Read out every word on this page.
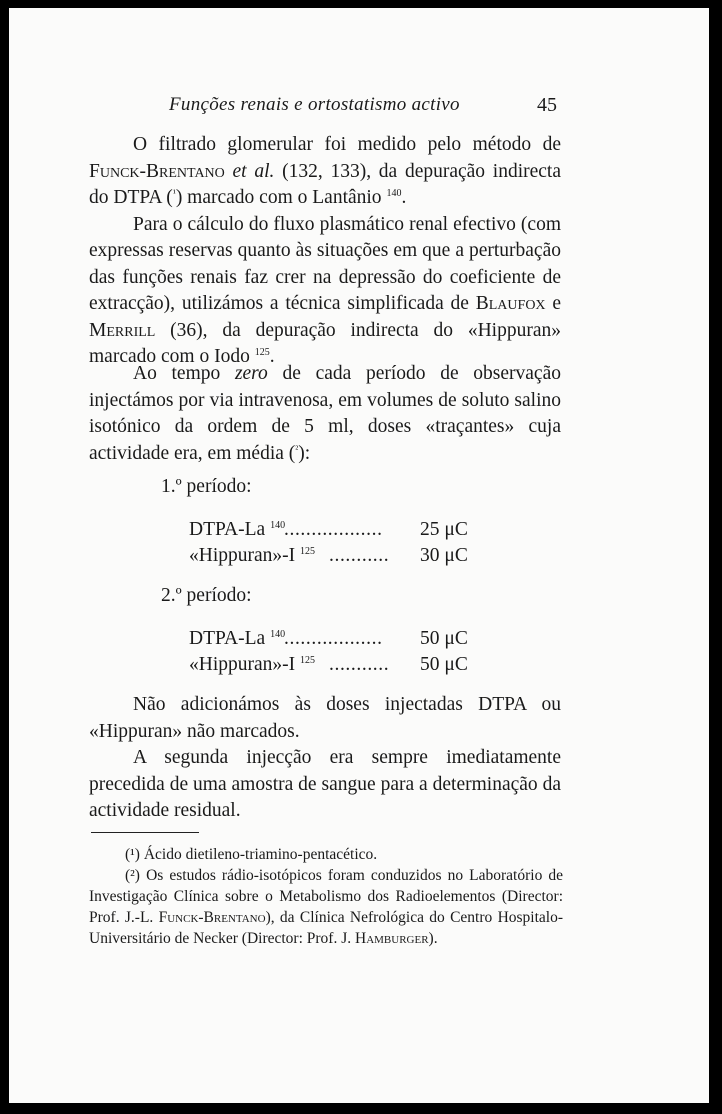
Funções renais e ortostatismo activo	45

O filtrado glomerular foi medido pelo método de Funck-Brentano et al. (132, 133), da depuração indirecta do DTPA ($^{^1}$) marcado com o Lantânio $^{140}$.

Para o cálculo do fluxo plasmático renal efectivo (com expressas reservas quanto às situações em que a perturbação das funções renais faz crer na depressão do coeficiente de extracção), utilizámos a técnica simplificada de Blaufox e Merrill (36), da depuração indirecta do «Hippuran» marcado com o Iodo $^{125}$.

Ao tempo zero de cada período de observação injectámos por via intravenosa, em volumes de soluto salino isotónico da ordem de 5 ml, doses «traçantes» cuja actividade era, em média ($^{^2}$):

1.º período:
DTPA-La $^{140}$
.................. 25 μC
«Hippuran»-I $^{125}$ ........... 30 μC
2.º período:
DTPA-La $^{140}$
.................. 50 μC
«Hippuran»-I $^{125}$ ........... 50 μC

Não adicionámos às doses injectadas DTPA ou «Hippuran» não marcados.

A segunda injecção era sempre imediatamente precedida de uma amostra de sangue para a determinação da actividade residual.

(¹) Ácido dietileno-triamino-pentacético.

(²) Os estudos rádio-isotópicos foram conduzidos no Laboratório de Investigação Clínica sobre o Metabolismo dos Radioelementos (Director: Prof. J.-L. Funck-Brentano), da Clínica Nefrológica do Centro Hospitalo-Universitário de Necker (Director: Prof. J. Hamburger).
